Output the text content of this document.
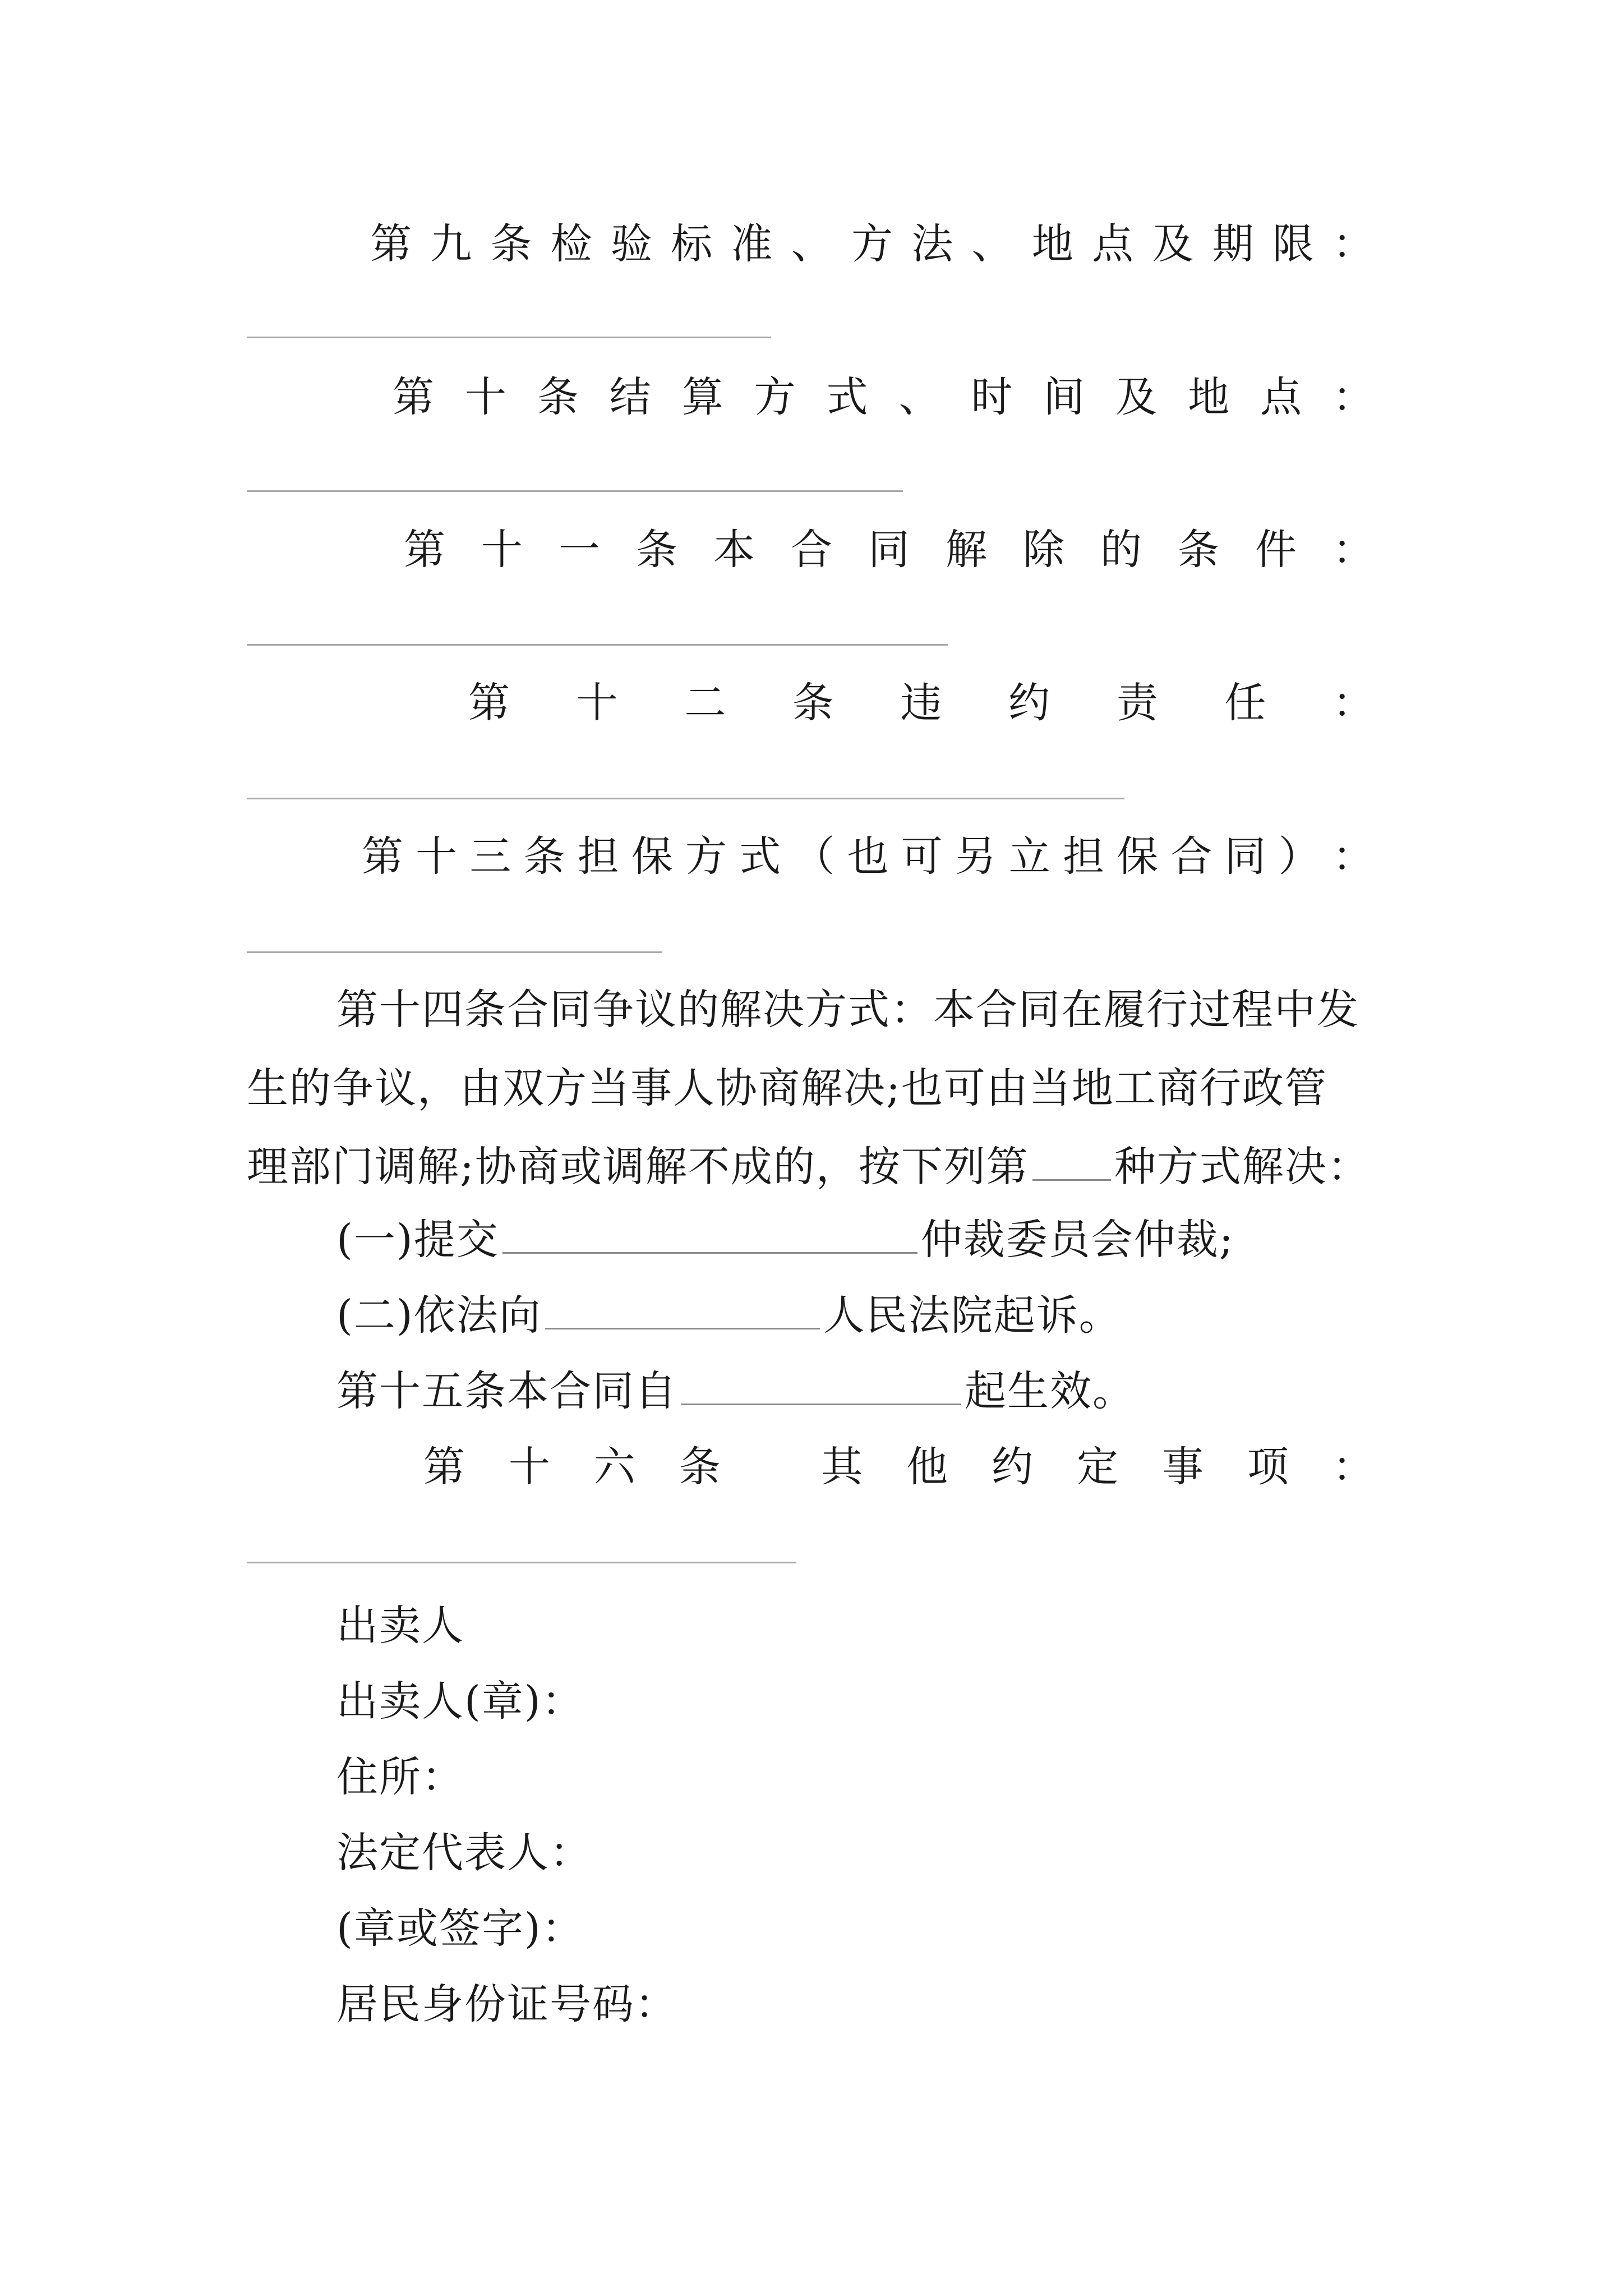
第 九 条 检 验 标 准 、 方 法 、 地 点 及 期 限 ：
第 十 条 结 算 方 式 、 时 间 及 地 点 ：
第 十 一 条 本 合 同 解 除 的 条 件 ：
第 十 二 条 违 约 责 任 ：
第 十 三 条 担 保 方 式 （ 也 可 另 立 担 保 合 同 ） ：
第十四条合同争议的解决方式：本合同在履行过程中发
生的争议，由双方当事人协商解决;也可由当地工商行政管
理部门调解;协商或调解不成的，按下列第 种方式解决：
(一)提交	仲裁委员会仲裁;
(二)依法向	人民法院起诉。
第十五条本合同自	起生效。
第 十 六 条
其 他 约 定 事 项 ：
出卖人
出卖人(章)：
住所：
法定代表人：
(章或签字)：
居民身份证号码：
